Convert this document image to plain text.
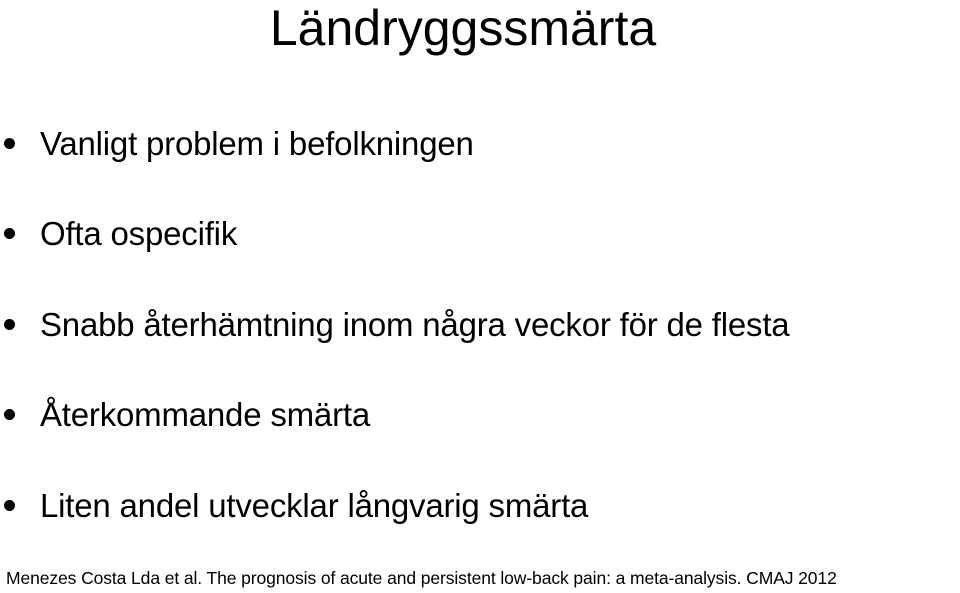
Ländryggssmärta
Vanligt problem i befolkningen
Ofta ospecifik
Snabb återhämtning inom några veckor för de flesta
Återkommande smärta
Liten andel utvecklar långvarig smärta
Menezes Costa Lda et al. The prognosis of acute and persistent low-back pain: a meta-analysis. CMAJ 2012
